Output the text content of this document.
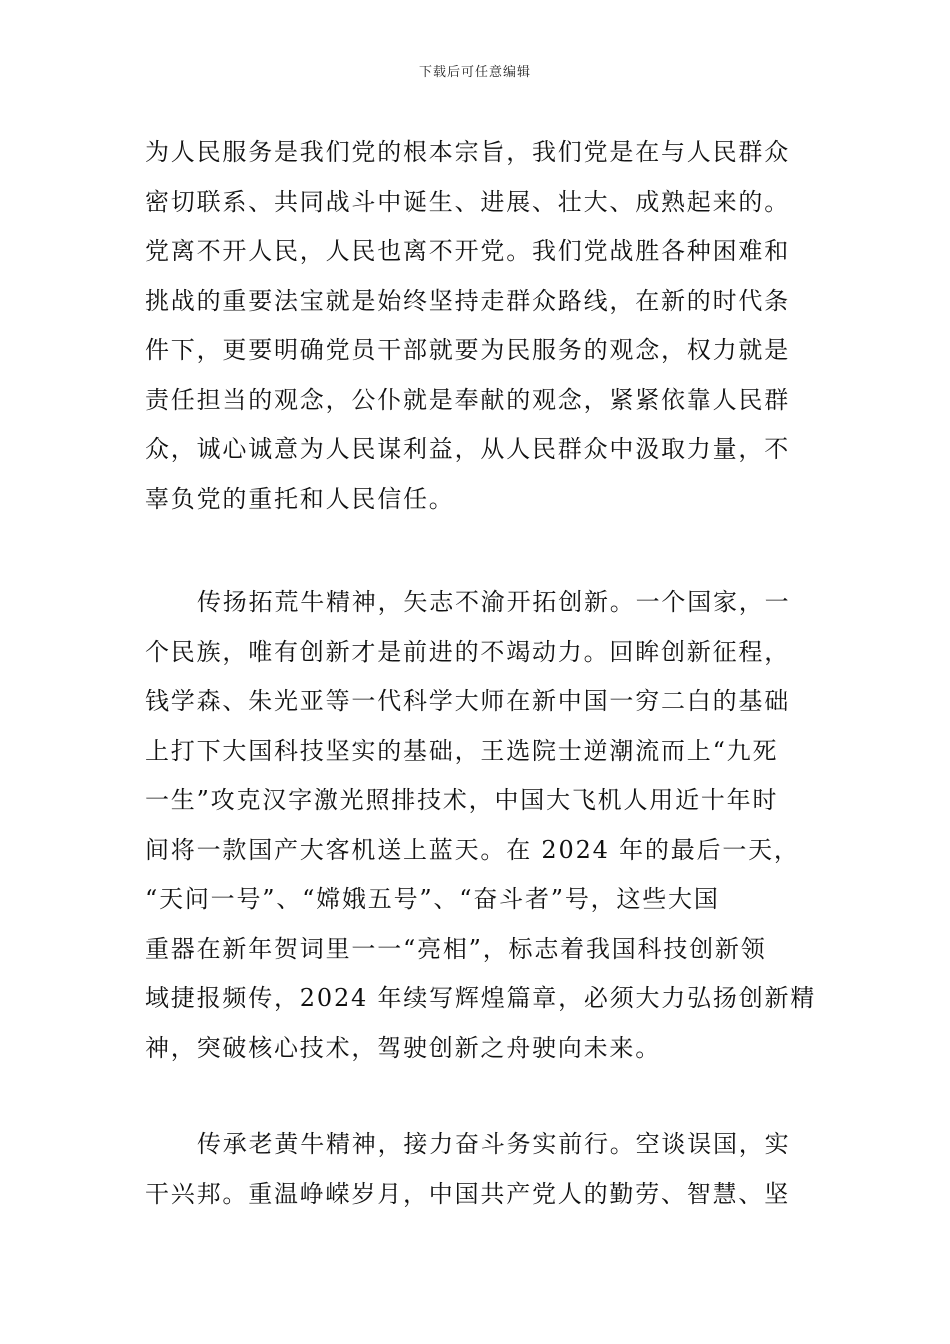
下载后可任意编辑
为人民服务是我们党的根本宗旨，我们党是在与人民群众
密切联系、共同战斗中诞生、进展、壮大、成熟起来的。
党离不开人民，人民也离不开党。我们党战胜各种困难和
挑战的重要法宝就是始终坚持走群众路线，在新的时代条
件下，更要明确党员干部就要为民服务的观念，权力就是
责任担当的观念，公仆就是奉献的观念，紧紧依靠人民群
众，诚心诚意为人民谋利益，从人民群众中汲取力量，不
辜负党的重托和人民信任。
传扬拓荒牛精神，矢志不渝开拓创新。一个国家，一
个民族，唯有创新才是前进的不竭动力。回眸创新征程，
钱学森、朱光亚等一代科学大师在新中国一穷二白的基础
上打下大国科技坚实的基础，王选院士逆潮流而上“九死
一生”攻克汉字激光照排技术，中国大飞机人用近十年时
间将一款国产大客机送上蓝天。在 2024 年的最后一天，
“天问一号”、“嫦娥五号”、“奋斗者”号，这些大国
重器在新年贺词里一一“亮相”，标志着我国科技创新领
域捷报频传，2024 年续写辉煌篇章，必须大力弘扬创新精
神，突破核心技术，驾驶创新之舟驶向未来。
传承老黄牛精神，接力奋斗务实前行。空谈误国，实
干兴邦。重温峥嵘岁月，中国共产党人的勤劳、智慧、坚
